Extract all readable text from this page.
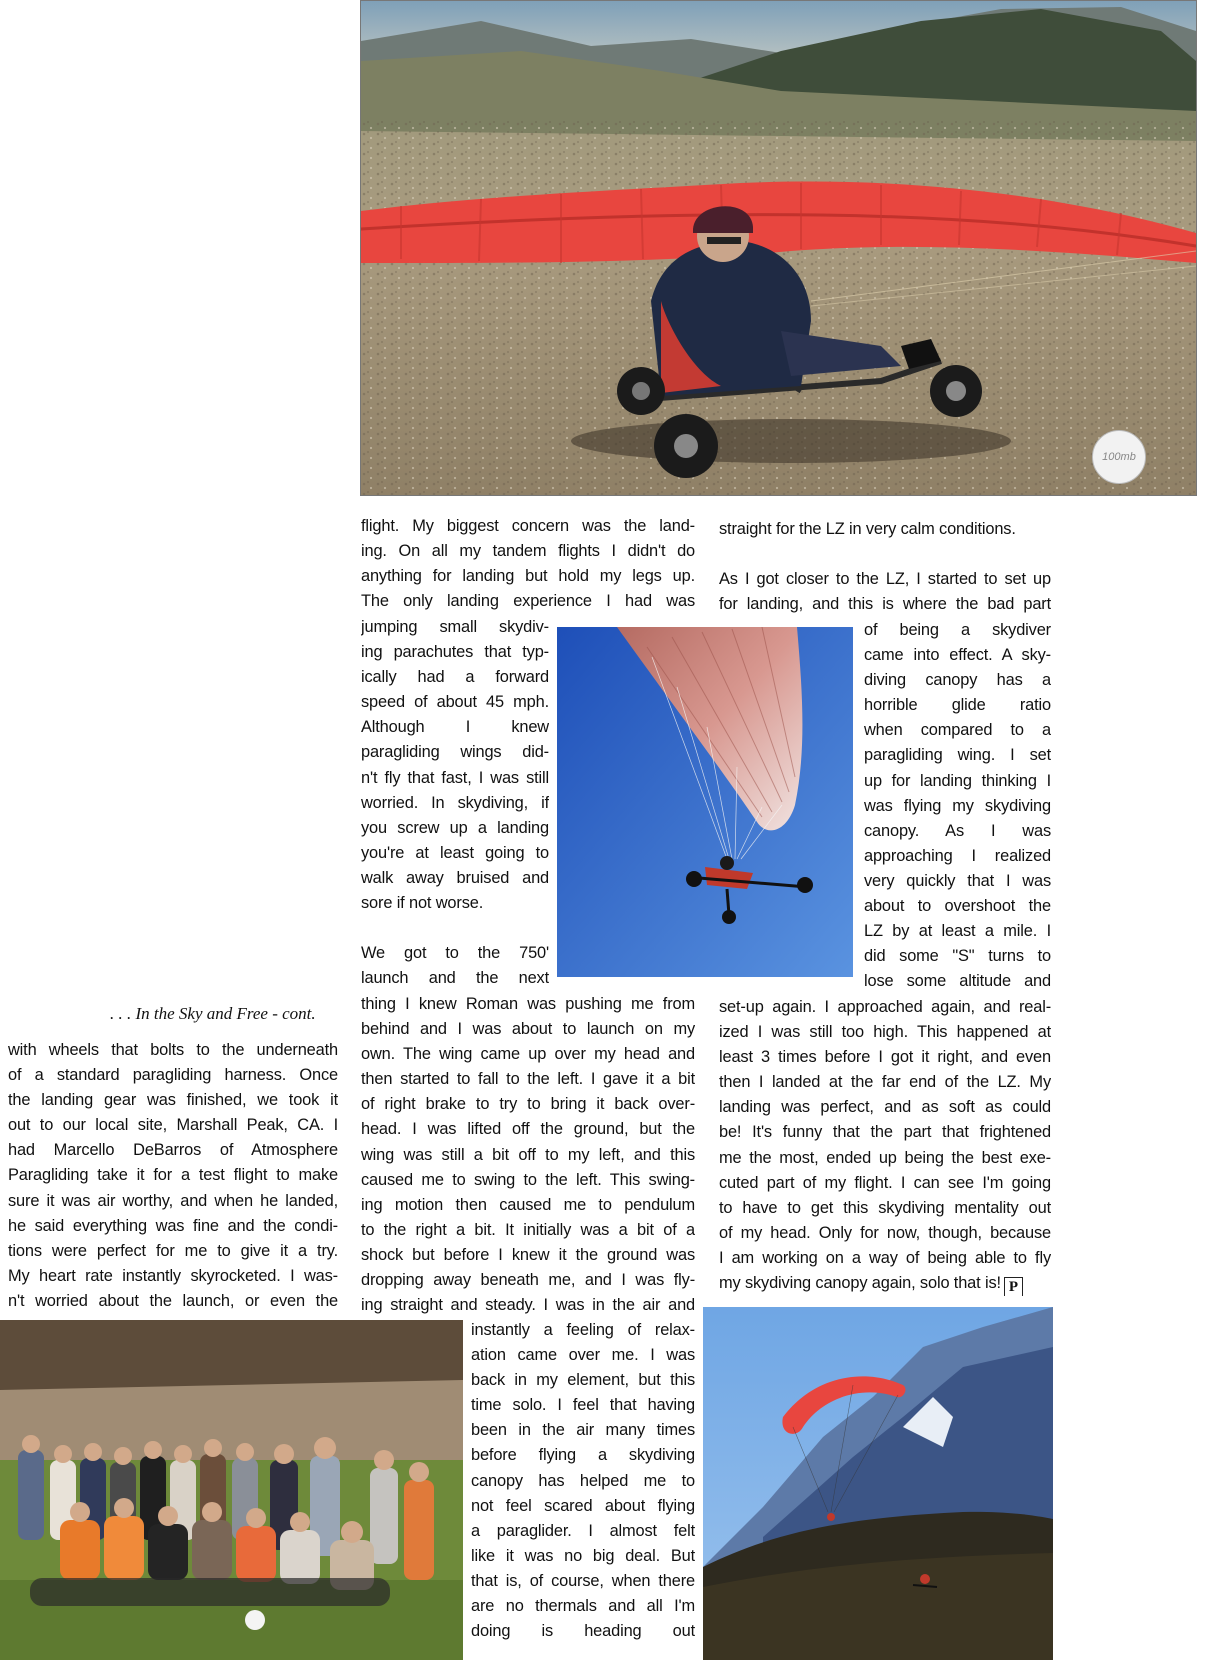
100mb
. . . In the Sky and Free - cont.
with wheels that bolts to the underneath
of a standard paragliding harness. Once
the landing gear was finished, we took it
out to our local site, Marshall Peak, CA. I
had Marcello DeBarros of Atmosphere
Paragliding take it for a test flight to make
sure it was air worthy, and when he landed,
he said everything was fine and the condi-
tions were perfect for me to give it a try.
My heart rate instantly skyrocketed. I was-
n't worried about the launch, or even the
flight. My biggest concern was the land-
ing. On all my tandem flights I didn't do
anything for landing but hold my legs up.
The only landing experience I had was
jumping small skydiv-
ing parachutes that typ-
ically had a forward
speed of about 45 mph.
Although I knew
paragliding wings did-
n't fly that fast, I was still
worried. In skydiving, if
you screw up a landing
you're at least going to
walk away bruised and
sore if not worse.
We got to the 750'
launch and the next
thing I knew Roman was pushing me from
behind and I was about to launch on my
own. The wing came up over my head and
then started to fall to the left. I gave it a bit
of right brake to try to bring it back over-
head. I was lifted off the ground, but the
wing was still a bit off to my left, and this
caused me to swing to the left. This swing-
ing motion then caused me to pendulum
to the right a bit. It initially was a bit of a
shock but before I knew it the ground was
dropping away beneath me, and I was fly-
ing straight and steady. I was in the air and
instantly a feeling of relax-
ation came over me. I was
back in my element, but this
time solo. I feel that having
been in the air many times
before flying a skydiving
canopy has helped me to
not feel scared about flying
a paraglider. I almost felt
like it was no big deal. But
that is, of course, when there
are no thermals and all I'm
doing is heading out
straight for the LZ in very calm conditions.
As I got closer to the LZ, I started to set up
for landing, and this is where the bad part
of being a skydiver
came into effect. A sky-
diving canopy has a
horrible glide ratio
when compared to a
paragliding wing. I set
up for landing thinking I
was flying my skydiving
canopy. As I was
approaching I realized
very quickly that I was
about to overshoot the
LZ by at least a mile. I
did some "S" turns to
lose some altitude and
set-up again. I approached again, and real-
ized I was still too high. This happened at
least 3 times before I got it right, and even
then I landed at the far end of the LZ. My
landing was perfect, and as soft as could
be! It's funny that the part that frightened
me the most, ended up being the best exe-
cuted part of my flight. I can see I'm going
to have to get this skydiving mentality out
of my head. Only for now, though, because
I am working on a way of being able to fly
my skydiving canopy again, solo that is! P
